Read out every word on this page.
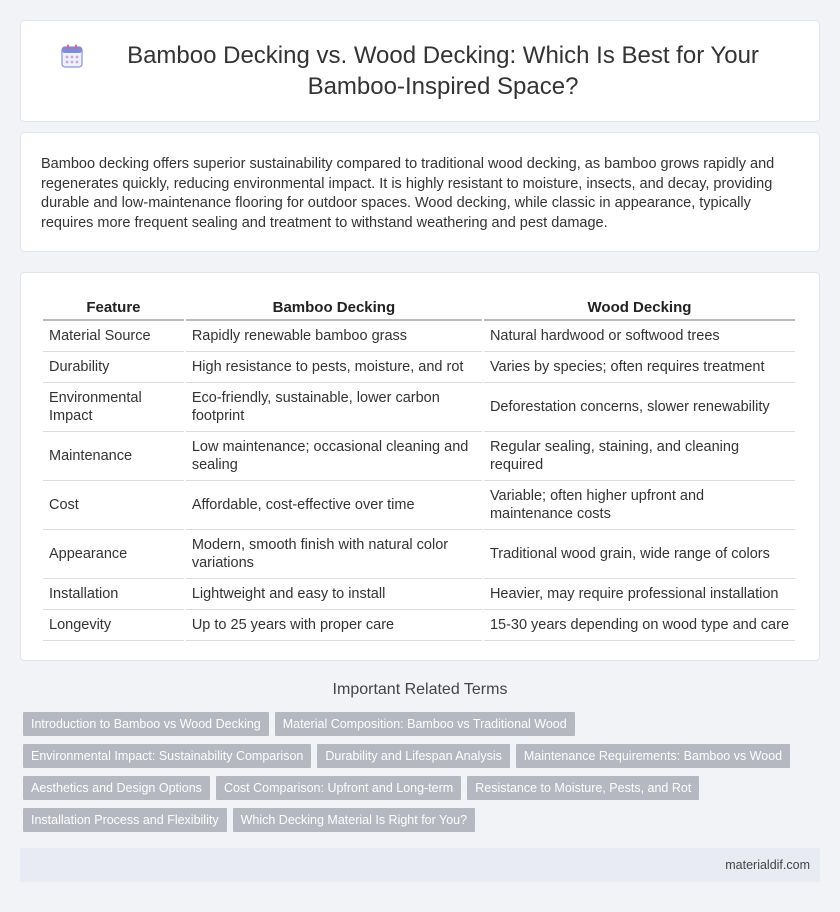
Bamboo Decking vs. Wood Decking: Which Is Best for Your Bamboo-Inspired Space?

Bamboo decking offers superior sustainability compared to traditional wood decking, as bamboo grows rapidly and regenerates quickly, reducing environmental impact. It is highly resistant to moisture, insects, and decay, providing durable and low-maintenance flooring for outdoor spaces. Wood decking, while classic in appearance, typically requires more frequent sealing and treatment to withstand weathering and pest damage.

Feature	Bamboo Decking	Wood Decking
Material Source	Rapidly renewable bamboo grass	Natural hardwood or softwood trees
Durability	High resistance to pests, moisture, and rot	Varies by species; often requires treatment
Environmental Impact	Eco-friendly, sustainable, lower carbon footprint	Deforestation concerns, slower renewability
Maintenance	Low maintenance; occasional cleaning and sealing	Regular sealing, staining, and cleaning required
Cost	Affordable, cost-effective over time	Variable; often higher upfront and maintenance costs
Appearance	Modern, smooth finish with natural color variations	Traditional wood grain, wide range of colors
Installation	Lightweight and easy to install	Heavier, may require professional installation
Longevity	Up to 25 years with proper care	15-30 years depending on wood type and care
Important Related Terms
Introduction to Bamboo vs Wood Decking	Material Composition: Bamboo vs Traditional Wood
Environmental Impact: Sustainability Comparison	Durability and Lifespan Analysis	Maintenance Requirements: Bamboo vs Wood
Aesthetics and Design Options	Cost Comparison: Upfront and Long-term	Resistance to Moisture, Pests, and Rot
Installation Process and Flexibility	Which Decking Material Is Right for You?
materialdif.com
